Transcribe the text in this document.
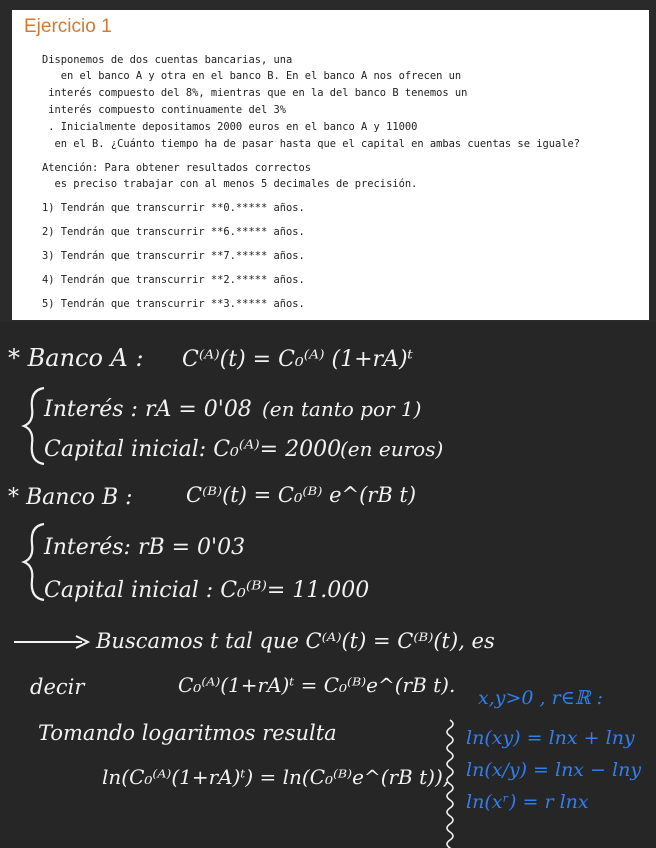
Ejercicio 1
Disponemos de dos cuentas bancarias, una
en el banco A y otra en el banco B. En el banco A nos ofrecen un
interés compuesto del 8%, mientras que en la del banco B tenemos un
interés compuesto continuamente del 3%
. Inicialmente depositamos 2000 euros en el banco A y 11000
en el B. ¿Cuánto tiempo ha de pasar hasta que el capital en ambas cuentas se iguale?
Atención: Para obtener resultados correctos
es preciso trabajar con al menos 5 decimales de precisión.
1) Tendrán que transcurrir **0.***** años.
2) Tendrán que transcurrir **6.***** años.
3) Tendrán que transcurrir **7.***** años.
4) Tendrán que transcurrir **2.***** años.
5) Tendrán que transcurrir **3.***** años.
* Banco A : C⁽ᴬ⁾(t) = C₀⁽ᴬ⁾ (1+rA)ᵗ
Interés : rA = 0'08 (en tanto por 1)
Capital inicial: C₀⁽ᴬ⁾= 2000
(en euros)
* Banco B :	C⁽ᴮ⁾(t) = C₀⁽ᴮ⁾ e^(rB t)
Interés: rB = 0'03
Capital inicial : C₀⁽ᴮ⁾= 11.000
Buscamos t tal que C⁽ᴬ⁾(t) = C⁽ᴮ⁾(t), es
decir	C₀⁽ᴬ⁾(1+rA)ᵗ = C₀⁽ᴮ⁾e^(rB t).
Tomando logaritmos resulta
ln(C₀⁽ᴬ⁾(1+rA)ᵗ) = ln(C₀⁽ᴮ⁾e^(rB t)),
x,y>0 , r∈ℝ :
ln(xy) = lnx + lny
ln(x/y) = lnx − lny
ln(xʳ) = r lnx
